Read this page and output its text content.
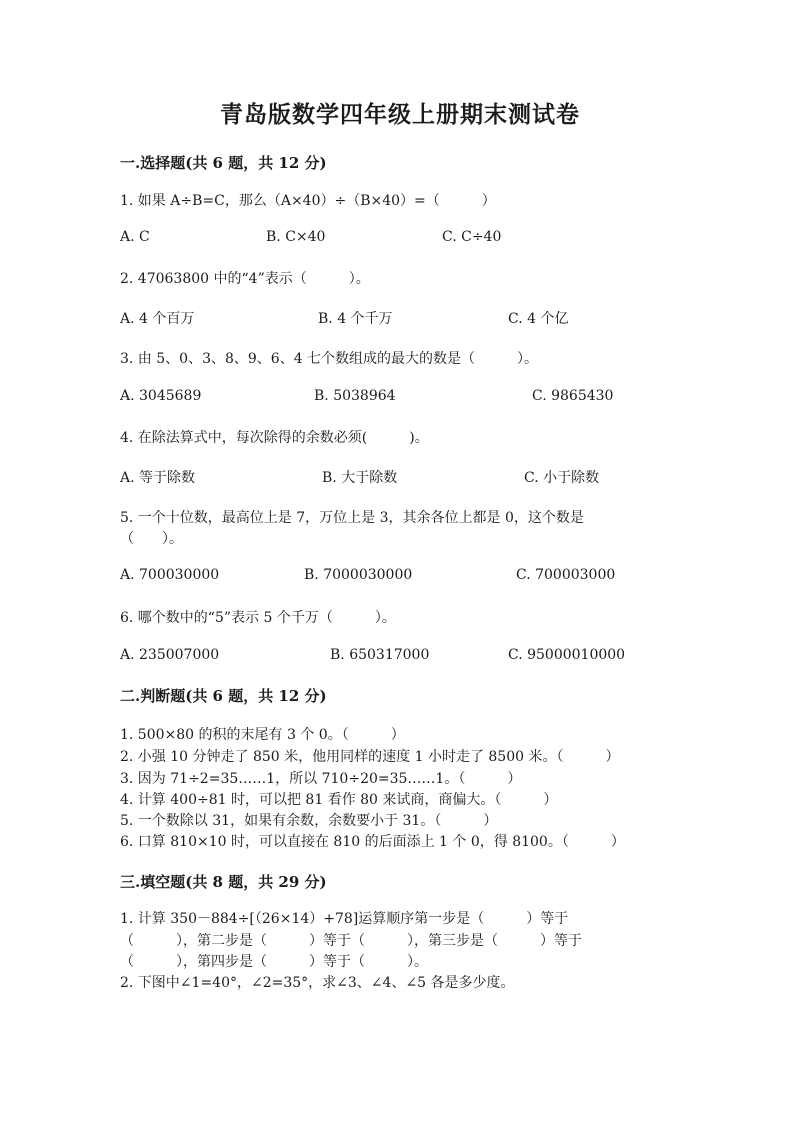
青岛版数学四年级上册期末测试卷
一.选择题(共 6 题，共 12 分)
1. 如果 A÷B=C，那么（A×40）÷（B×40）=（　　　）
A. C	B. C×40	C. C÷40
2. 47063800 中的“4”表示（　　　）。
A. 4 个百万	B. 4 个千万	C. 4 个亿
3. 由 5、0、3、8、9、6、4 七个数组成的最大的数是（　　　）。
A. 3045689	B. 5038964	C. 9865430
4. 在除法算式中，每次除得的余数必须(　　　)。
A. 等于除数	B. 大于除数	C. 小于除数
5. 一个十位数，最高位上是 7，万位上是 3，其余各位上都是 0，这个数是
（　　）。
A. 700030000	B. 7000030000	C. 700003000
6. 哪个数中的“5”表示 5 个千万（　　　）。
A. 235007000	B. 650317000	C. 95000010000
二.判断题(共 6 题，共 12 分)
1. 500×80 的积的末尾有 3 个 0。（　　　）
2. 小强 10 分钟走了 850 米，他用同样的速度 1 小时走了 8500 米。（　　　）
3. 因为 71÷2=35……1，所以 710÷20=35……1。（　　　）
4. 计算 400÷81 时，可以把 81 看作 80 来试商，商偏大。（　　　）
5. 一个数除以 31，如果有余数，余数要小于 31。（　　　）
6. 口算 810×10 时，可以直接在 810 的后面添上 1 个 0，得 8100。（　　　）
三.填空题(共 8 题，共 29 分)
1. 计算 350－884÷[（26×14）+78]运算顺序第一步是（　　　）等于
（　　　），第二步是（　　　）等于（　　　），第三步是（　　　）等于
（　　　），第四步是（　　　）等于（　　　）。
2. 下图中∠1=40°，∠2=35°，求∠3、∠4、∠5 各是多少度。
